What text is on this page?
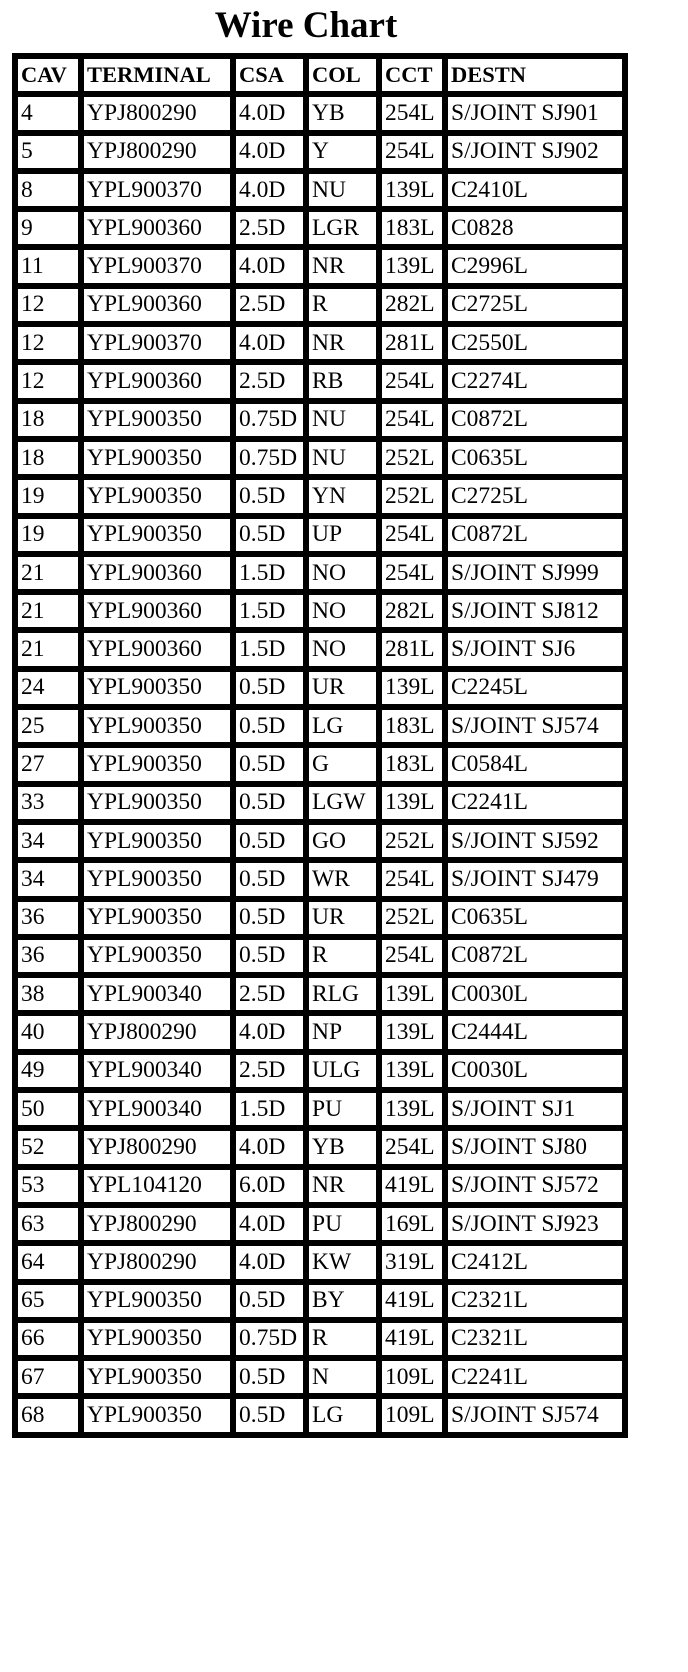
Wire Chart
CAV	TERMINAL	CSA	COL	CCT	DESTN
4	YPJ800290	4.0D	YB	254L	S/JOINT SJ901
5	YPJ800290	4.0D	Y	254L	S/JOINT SJ902
8	YPL900370	4.0D	NU	139L	C2410L
9	YPL900360	2.5D	LGR	183L	C0828
11	YPL900370	4.0D	NR	139L	C2996L
12	YPL900360	2.5D	R	282L	C2725L
12	YPL900370	4.0D	NR	281L	C2550L
12	YPL900360	2.5D	RB	254L	C2274L
18	YPL900350	0.75D	NU	254L	C0872L
18	YPL900350	0.75D	NU	252L	C0635L
19	YPL900350	0.5D	YN	252L	C2725L
19	YPL900350	0.5D	UP	254L	C0872L
21	YPL900360	1.5D	NO	254L	S/JOINT SJ999
21	YPL900360	1.5D	NO	282L	S/JOINT SJ812
21	YPL900360	1.5D	NO	281L	S/JOINT SJ6
24	YPL900350	0.5D	UR	139L	C2245L
25	YPL900350	0.5D	LG	183L	S/JOINT SJ574
27	YPL900350	0.5D	G	183L	C0584L
33	YPL900350	0.5D	LGW	139L	C2241L
34	YPL900350	0.5D	GO	252L	S/JOINT SJ592
34	YPL900350	0.5D	WR	254L	S/JOINT SJ479
36	YPL900350	0.5D	UR	252L	C0635L
36	YPL900350	0.5D	R	254L	C0872L
38	YPL900340	2.5D	RLG	139L	C0030L
40	YPJ800290	4.0D	NP	139L	C2444L
49	YPL900340	2.5D	ULG	139L	C0030L
50	YPL900340	1.5D	PU	139L	S/JOINT SJ1
52	YPJ800290	4.0D	YB	254L	S/JOINT SJ80
53	YPL104120	6.0D	NR	419L	S/JOINT SJ572
63	YPJ800290	4.0D	PU	169L	S/JOINT SJ923
64	YPJ800290	4.0D	KW	319L	C2412L
65	YPL900350	0.5D	BY	419L	C2321L
66	YPL900350	0.75D	R	419L	C2321L
67	YPL900350	0.5D	N	109L	C2241L
68	YPL900350	0.5D	LG	109L	S/JOINT SJ574
